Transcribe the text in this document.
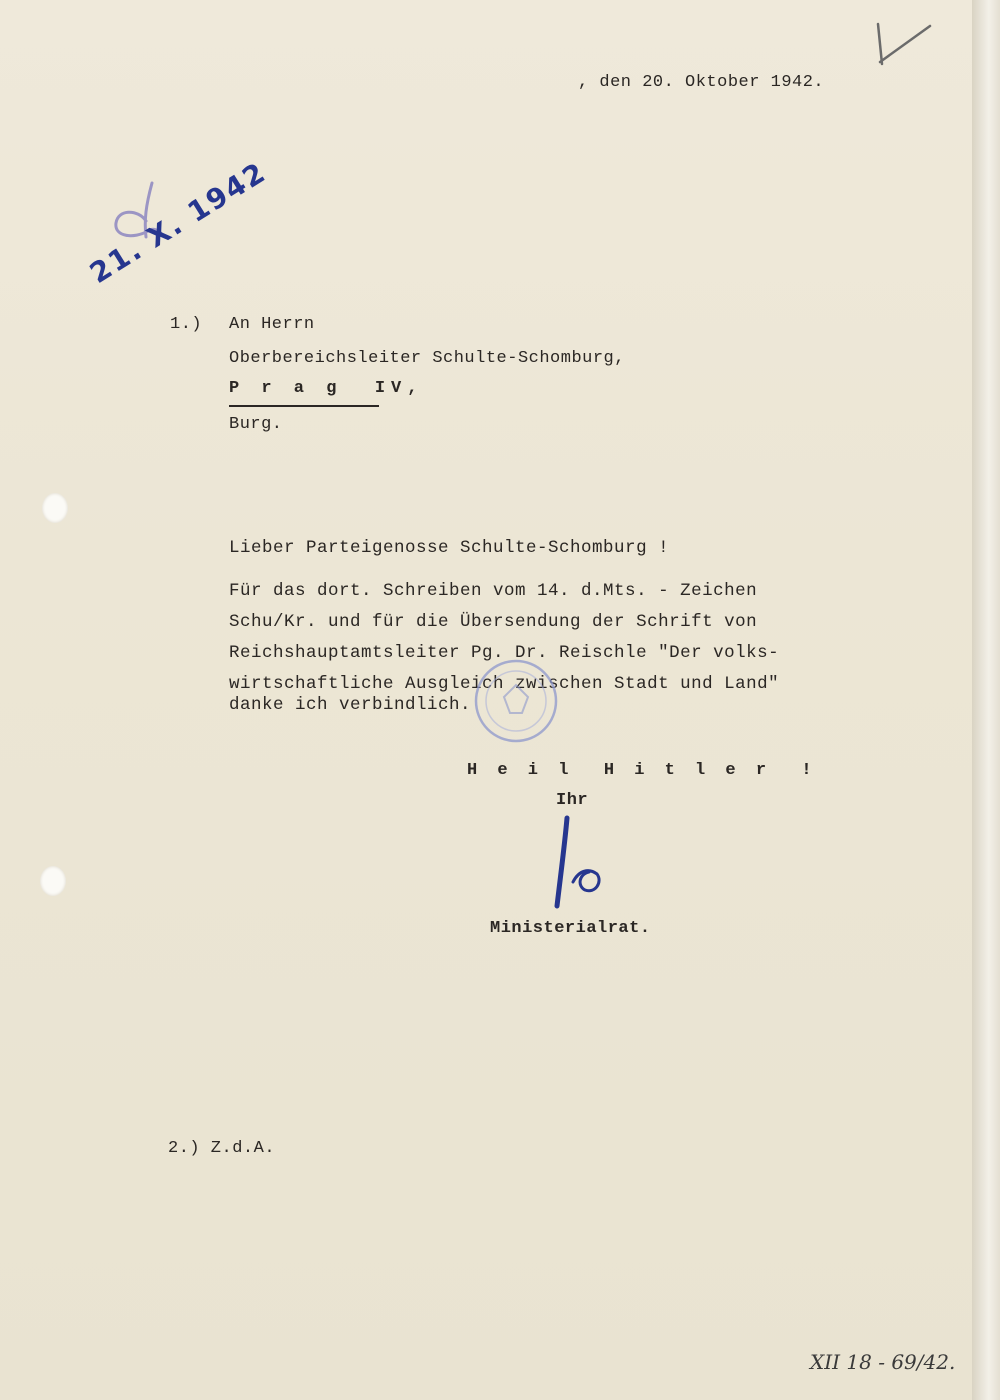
, den 20. Oktober 1942.
21. X. 1942
1.) An Herrn
Oberbereichsleiter Schulte-Schomburg,
P r a g  IV,
Burg.
Lieber Parteigenosse Schulte-Schomburg !
Für das dort. Schreiben vom 14. d.Mts. - Zeichen
Schu/Kr. und für die Übersendung der Schrift von
Reichshauptamtsleiter Pg. Dr. Reischle "Der volks-
wirtschaftliche Ausgleich zwischen Stadt und Land"
danke ich verbindlich.
H e i l  H i t l e r  !
Ihr
Ministerialrat.
2.) Z.d.A.
XII 18 - 69/42.
